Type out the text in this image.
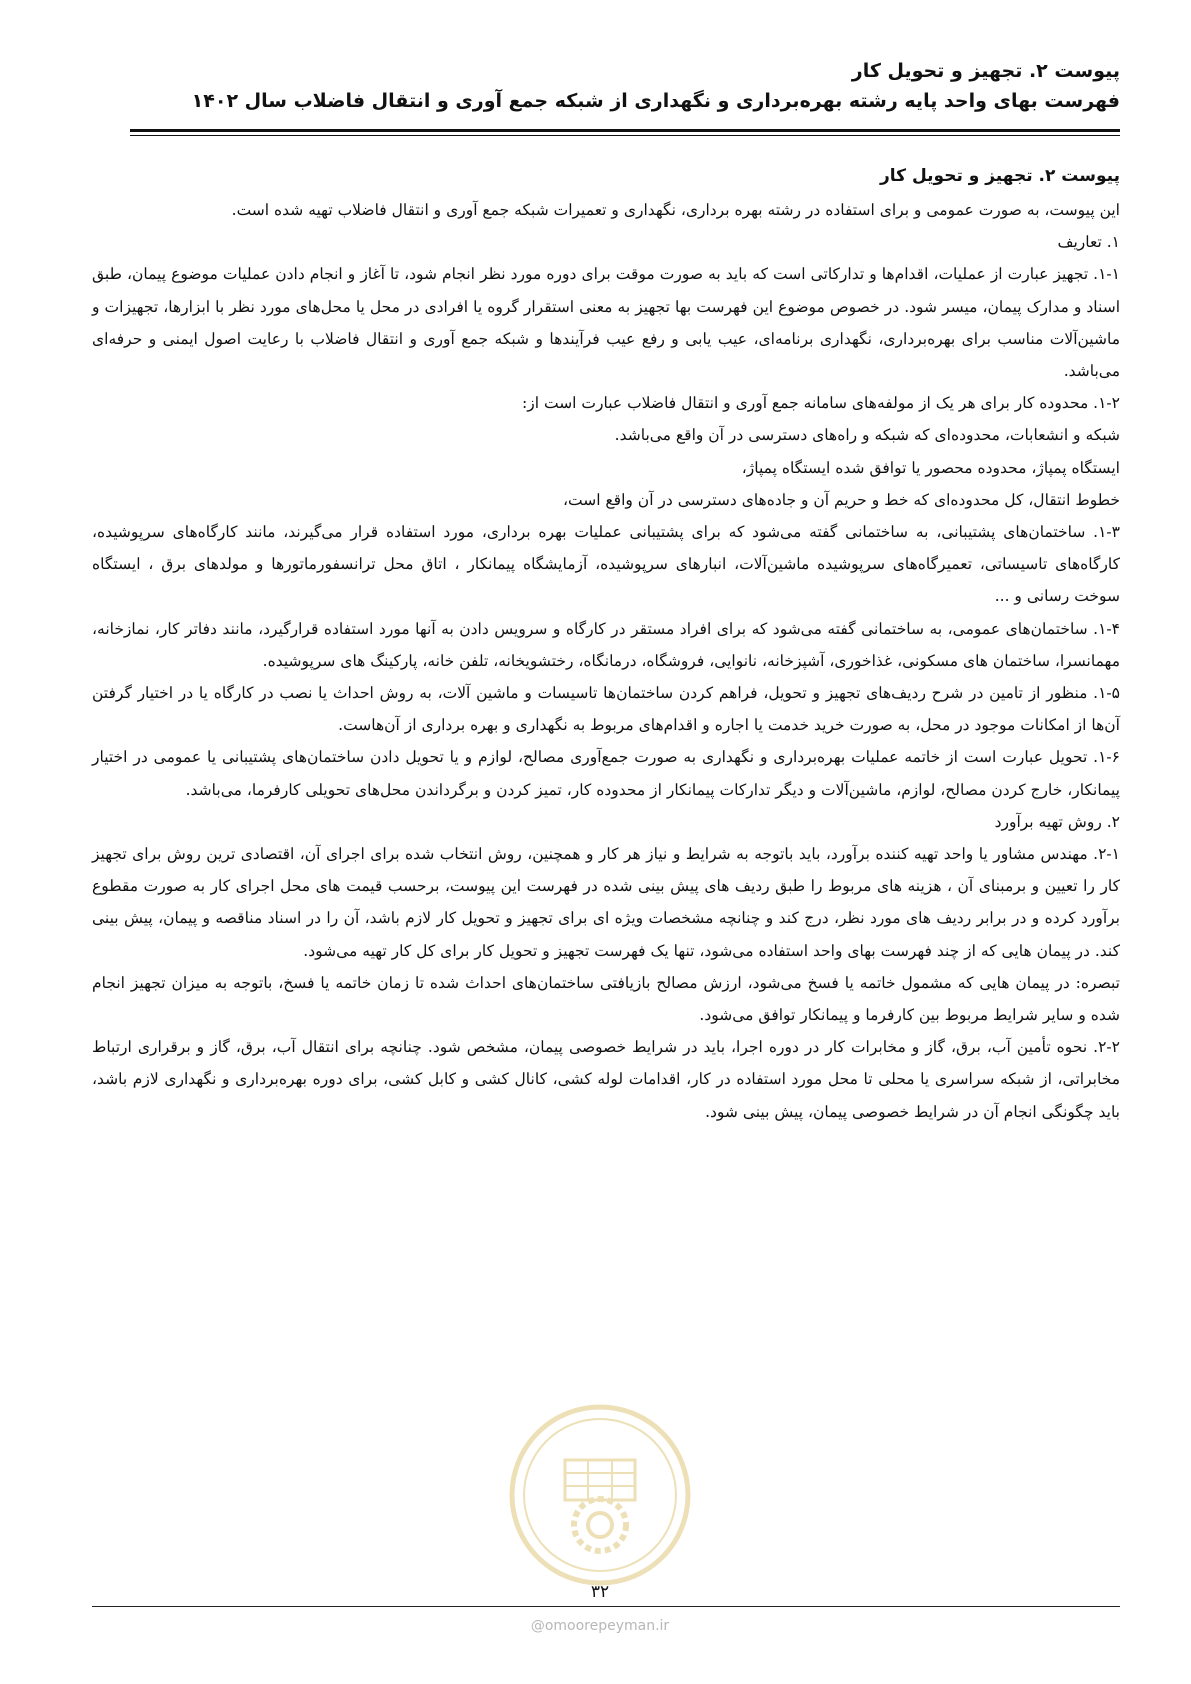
پیوست ۲. تجهیز و تحویل کار
فهرست بهای واحد پایه رشته بهره‌برداری و نگهداری از شبکه جمع آوری و انتقال فاضلاب سال ۱۴۰۲

پیوست ۲. تجهیز و تحویل کار

این پیوست، به صورت عمومی و برای استفاده در رشته بهره برداری، نگهداری و تعمیرات شبکه جمع آوری و انتقال فاضلاب تهیه شده است.

۱. تعاریف

۱-۱. تجهیز عبارت از عملیات، اقدام‌ها و تدارکاتی است که باید به صورت موقت برای دوره مورد نظر انجام شود، تا آغاز و انجام دادن عملیات موضوع پیمان، طبق اسناد و مدارک پیمان، میسر شود. در خصوص موضوع این فهرست بها تجهیز به معنی استقرار گروه یا افرادی در محل یا محل‌های مورد نظر با ابزارها، تجهیزات و ماشین‌آلات مناسب برای بهره‌برداری، نگهداری برنامه‌ای، عیب یابی و رفع عیب فرآیندها و شبکه جمع آوری و انتقال فاضلاب با رعایت اصول ایمنی و حرفه‌ای می‌باشد.

۱-۲. محدوده کار برای هر یک از مولفه‌های سامانه جمع آوری و انتقال فاضلاب عبارت است از:

شبکه و انشعابات، محدوده‌ای که شبکه و راه‌های دسترسی در آن واقع می‌باشد.

ایستگاه پمپاژ، محدوده محصور یا توافق شده ایستگاه پمپاژ،

خطوط انتقال، کل محدوده‌ای که خط و حریم آن و جاده‌های دسترسی در آن واقع است،

۱-۳. ساختمان‌های پشتیبانی، به ساختمانی گفته می‌شود که برای پشتیبانی عملیات بهره برداری، مورد استفاده قرار می‌گیرند، مانند کارگاه‌های سرپوشیده، کارگاه‌های تاسیساتی، تعمیرگاه‌های سرپوشیده ماشین‌آلات، انبارهای سرپوشیده، آزمایشگاه پیمانکار ، اتاق محل ترانسفورماتورها و مولدهای برق ، ایستگاه سوخت رسانی و ...

۱-۴. ساختمان‌های عمومی، به ساختمانی گفته می‌شود که برای افراد مستقر در کارگاه و سرویس دادن به آنها مورد استفاده قرارگیرد، مانند دفاتر کار، نمازخانه، مهمانسرا، ساختمان های مسکونی، غذاخوری، آشپزخانه، نانوایی، فروشگاه، درمانگاه، رختشویخانه، تلفن خانه، پارکینگ های سرپوشیده.

۱-۵. منظور از تامین در شرح ردیف‌های تجهیز و تحویل، فراهم کردن ساختمان‌ها تاسیسات و ماشین آلات، به روش احداث یا نصب در کارگاه یا در اختیار گرفتن آن‌ها از امکانات موجود در محل، به صورت خرید خدمت یا اجاره و اقدام‌های مربوط به نگهداری و بهره برداری از آن‌هاست.

۱-۶. تحویل عبارت است از خاتمه عملیات بهره‌برداری و نگهداری به صورت جمع‌آوری مصالح، لوازم و یا تحویل دادن ساختمان‌های پشتیبانی یا عمومی در اختیار پیمانکار، خارج کردن مصالح، لوازم، ماشین‌آلات و دیگر تدارکات پیمانکار از محدوده کار، تمیز کردن و برگرداندن محل‌های تحویلی کارفرما، می‌باشد.

۲. روش تهیه برآورد

۲-۱. مهندس مشاور یا واحد تهیه کننده برآورد، باید باتوجه به شرایط و نیاز هر کار و همچنین، روش انتخاب شده برای اجرای آن، اقتصادی ترین روش برای تجهیز کار را تعیین و برمبنای آن ، هزینه های مربوط را طبق ردیف های پیش بینی شده در فهرست این پیوست، برحسب قیمت های محل اجرای کار به صورت مقطوع برآورد کرده و در برابر ردیف های مورد نظر، درج کند و چنانچه مشخصات ویژه ای برای تجهیز و تحویل کار لازم باشد، آن را در اسناد مناقصه و پیمان، پیش بینی کند. در پیمان هایی که از چند فهرست بهای واحد استفاده می‌شود، تنها یک فهرست تجهیز و تحویل کار برای کل کار تهیه می‌شود.

تبصره: در پیمان هایی که مشمول خاتمه یا فسخ می‌شود، ارزش مصالح بازیافتی ساختمان‌های احداث شده تا زمان خاتمه یا فسخ، باتوجه به میزان تجهیز انجام شده و سایر شرایط مربوط بین کارفرما و پیمانکار توافق می‌شود.

۲-۲. نحوه تأمین آب، برق، گاز و مخابرات کار در دوره اجرا، باید در شرایط خصوصی پیمان، مشخص شود. چنانچه برای انتقال آب، برق، گاز و برقراری ارتباط مخابراتی، از شبکه سراسری یا محلی تا محل مورد استفاده در کار، اقدامات لوله کشی، کانال کشی و کابل کشی، برای دوره بهره‌برداری و نگهداری لازم باشد، باید چگونگی انجام آن در شرایط خصوصی پیمان، پیش بینی شود.

۳۲
@omoorepeyman.ir
